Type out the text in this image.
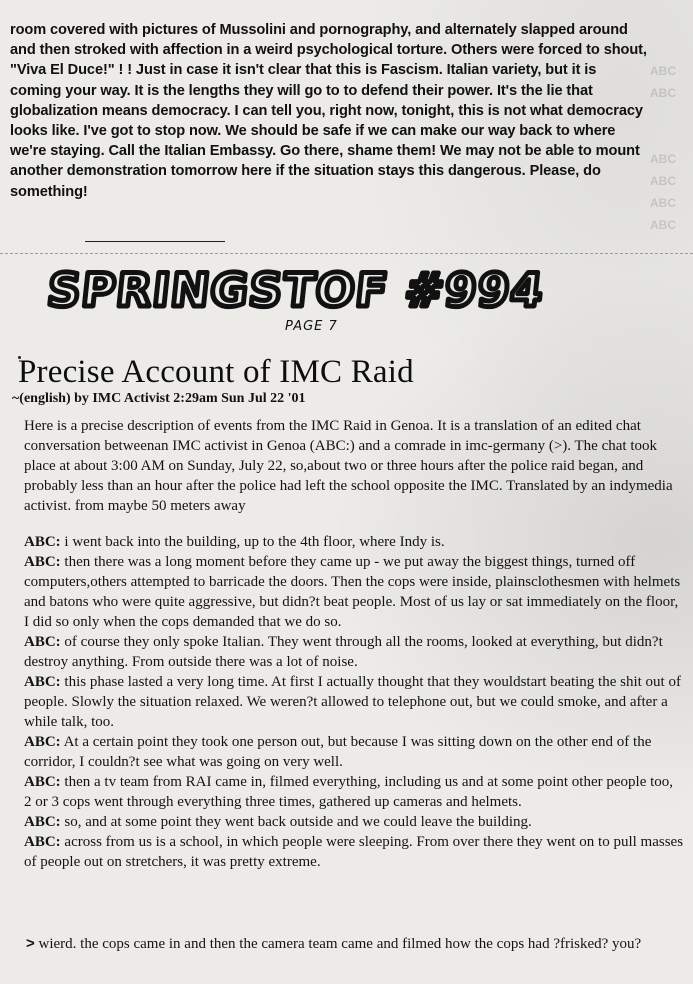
ABC
ABC

ABC
ABC
ABC
ABC
room covered with pictures of Mussolini and pornography, and alternately slapped around and then stroked with affection in a weird psychological torture. Others were forced to shout, "Viva El Duce!" ! ! Just in case it isn't clear that this is Fascism. Italian variety, but it is coming your way. It is the lengths they will go to to defend their power. It's the lie that globalization means democracy. I can tell you, right now, tonight, this is not what democracy looks like. I've got to stop now. We should be safe if we can make our way back to where we're staying. Call the Italian Embassy. Go there, shame them! We may not be able to mount another demonstration tomorrow here if the situation stays this dangerous. Please, do something!
SPRINGSTOF #994
PAGE 7
Precise Account of IMC Raid
~(english) by IMC Activist 2:29am Sun Jul 22 '01

Here is a precise description of events from the IMC Raid in Genoa. It is a translation of an edited chat conversation betweenan IMC activist in Genoa (ABC:) and a comrade in imc-germany (>). The chat took place at about 3:00 AM on Sunday, July 22, so,about two or three hours after the police raid began, and probably less than an hour after the police had left the school opposite the IMC. Translated by an indymedia activist. from maybe 50 meters away

ABC: i went back into the building, up to the 4th floor, where Indy is.

ABC: then there was a long moment before they came up - we put away the biggest things, turned off computers,others attempted to barricade the doors. Then the cops were inside, plainsclothesmen with helmets and batons who were quite aggressive, but didn?t beat people. Most of us lay or sat immediately on the floor, I did so only when the cops demanded that we do so.

ABC: of course they only spoke Italian. They went through all the rooms, looked at everything, but didn?t destroy anything. From outside there was a lot of noise.

ABC: this phase lasted a very long time. At first I actually thought that they wouldstart beating the shit out of people. Slowly the situation relaxed. We weren?t allowed to telephone out, but we could smoke, and after a while talk, too.

ABC: At a certain point they took one person out, but because I was sitting down on the other end of the corridor, I couldn?t see what was going on very well.

ABC: then a tv team from RAI came in, filmed everything, including us and at some point other people too, 2 or 3 cops went through everything three times, gathered up cameras and helmets.

ABC: so, and at some point they went back outside and we could leave the building.

ABC: across from us is a school, in which people were sleeping. From over there they went on to pull masses of people out on stretchers, it was pretty extreme.

> wierd. the cops came in and then the camera team came and filmed how the cops had ?frisked? you?
